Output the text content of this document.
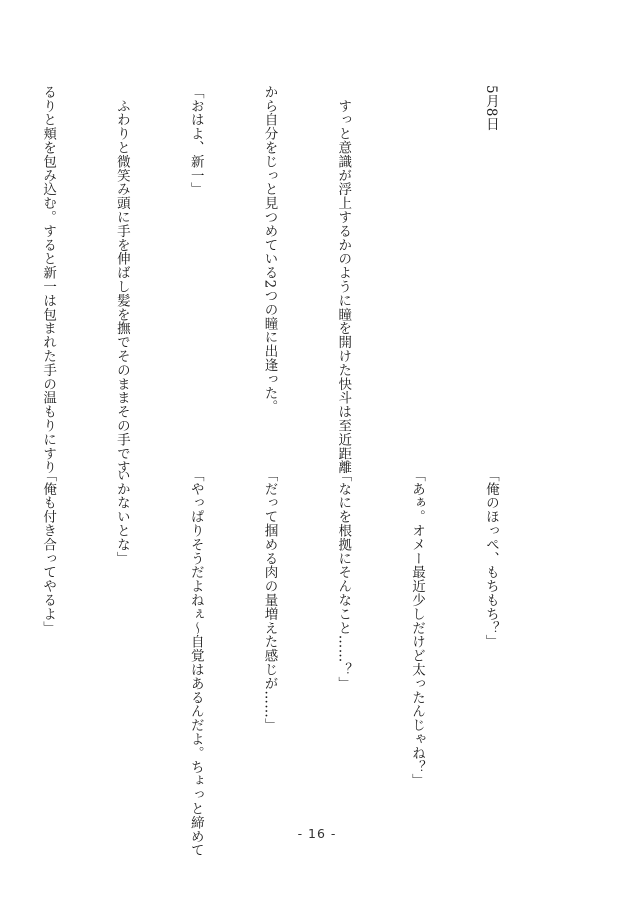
5月8日

　すっと意識が浮上するかのように瞳を開けた快斗は至近距離

から自分をじっと見つめている2つの瞳に出逢った。

「おはよ、新一」

　ふわりと微笑み頭に手を伸ばし髪を撫でそのままその手です

るりと頬を包み込む。すると新一は包まれた手の温もりにすり

「俺のほっぺ、もちもち？」

「あぁ。オメー最近少しだけど太ったんじゃね？」

「なにを根拠にそんなこと……？」

「だって掴める肉の量増えた感じが……」

「やっぱりそうだよねぇ〜自覚はあるんだよ。ちょっと締めて

いかないとな」

「俺も付き合ってやるよ」

- 16 -
